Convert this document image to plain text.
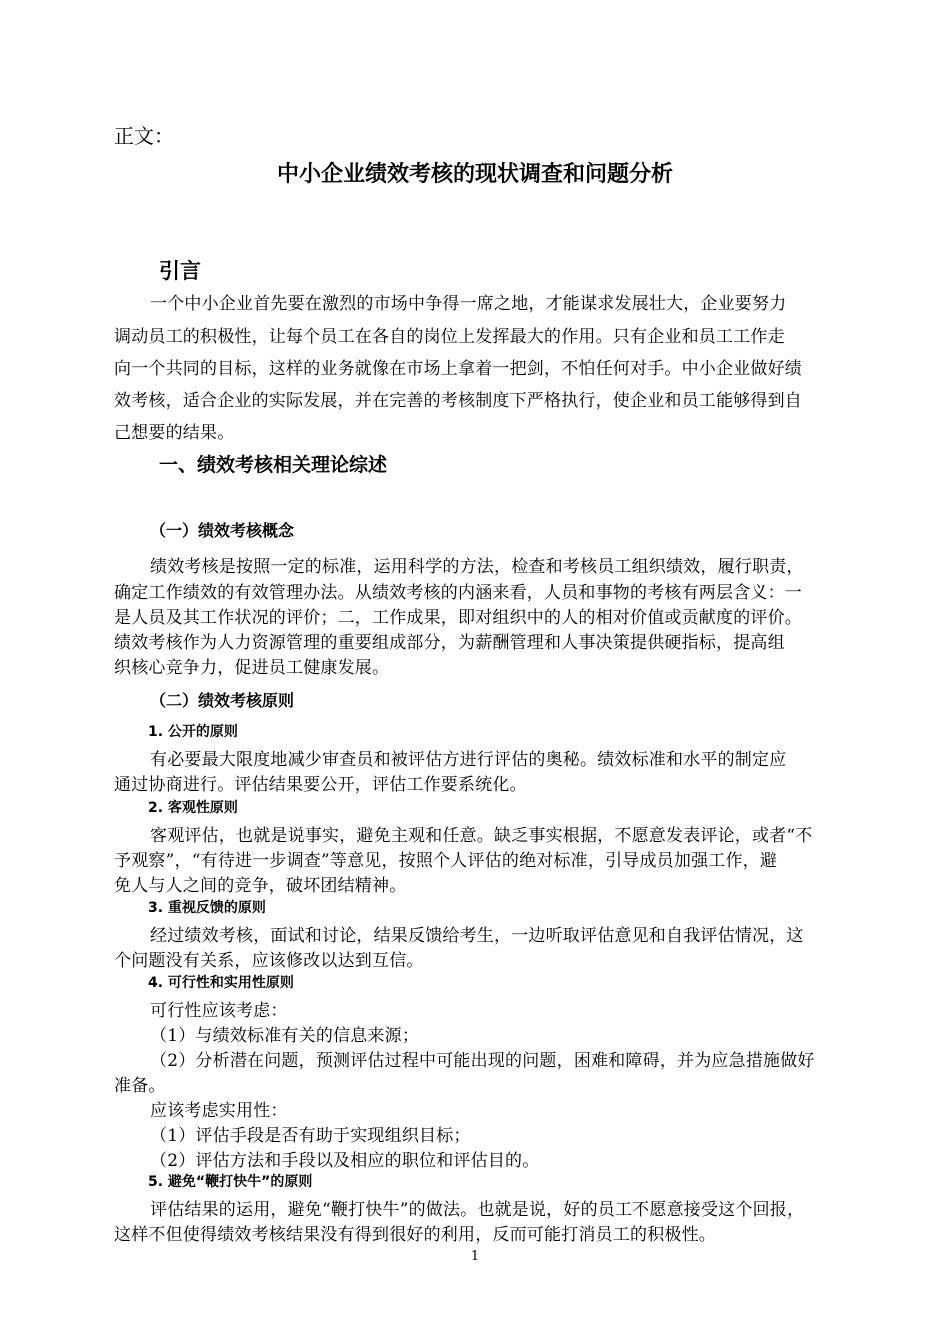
正文：
中小企业绩效考核的现状调查和问题分析
引言
一个中小企业首先要在激烈的市场中争得一席之地，才能谋求发展壮大，企业要努力
调动员工的积极性，让每个员工在各自的岗位上发挥最大的作用。只有企业和员工工作走
向一个共同的目标，这样的业务就像在市场上拿着一把剑，不怕任何对手。中小企业做好绩
效考核，适合企业的实际发展，并在完善的考核制度下严格执行，使企业和员工能够得到自
己想要的结果。
一、绩效考核相关理论综述
（一）绩效考核概念
绩效考核是按照一定的标准，运用科学的方法，检查和考核员工组织绩效，履行职责，
确定工作绩效的有效管理办法。从绩效考核的内涵来看，人员和事物的考核有两层含义：一
是人员及其工作状况的评价；二，工作成果，即对组织中的人的相对价值或贡献度的评价。
绩效考核作为人力资源管理的重要组成部分，为薪酬管理和人事决策提供硬指标，提高组
织核心竞争力，促进员工健康发展。
（二）绩效考核原则
1. 公开的原则
有必要最大限度地减少审查员和被评估方进行评估的奥秘。绩效标准和水平的制定应
通过协商进行。评估结果要公开，评估工作要系统化。
2. 客观性原则
客观评估，也就是说事实，避免主观和任意。缺乏事实根据，不愿意发表评论，或者“不
予观察”，“有待进一步调查”等意见，按照个人评估的绝对标准，引导成员加强工作，避
免人与人之间的竞争，破坏团结精神。
3. 重视反馈的原则
经过绩效考核，面试和讨论，结果反馈给考生，一边听取评估意见和自我评估情况，这
个问题没有关系，应该修改以达到互信。
4. 可行性和实用性原则
可行性应该考虑：
（1）与绩效标准有关的信息来源；
（2）分析潜在问题，预测评估过程中可能出现的问题，困难和障碍，并为应急措施做好
准备。
应该考虑实用性：
（1）评估手段是否有助于实现组织目标；
（2）评估方法和手段以及相应的职位和评估目的。
5. 避免“鞭打快牛”的原则
评估结果的运用，避免“鞭打快牛”的做法。也就是说，好的员工不愿意接受这个回报，
这样不但使得绩效考核结果没有得到很好的利用，反而可能打消员工的积极性。
1
